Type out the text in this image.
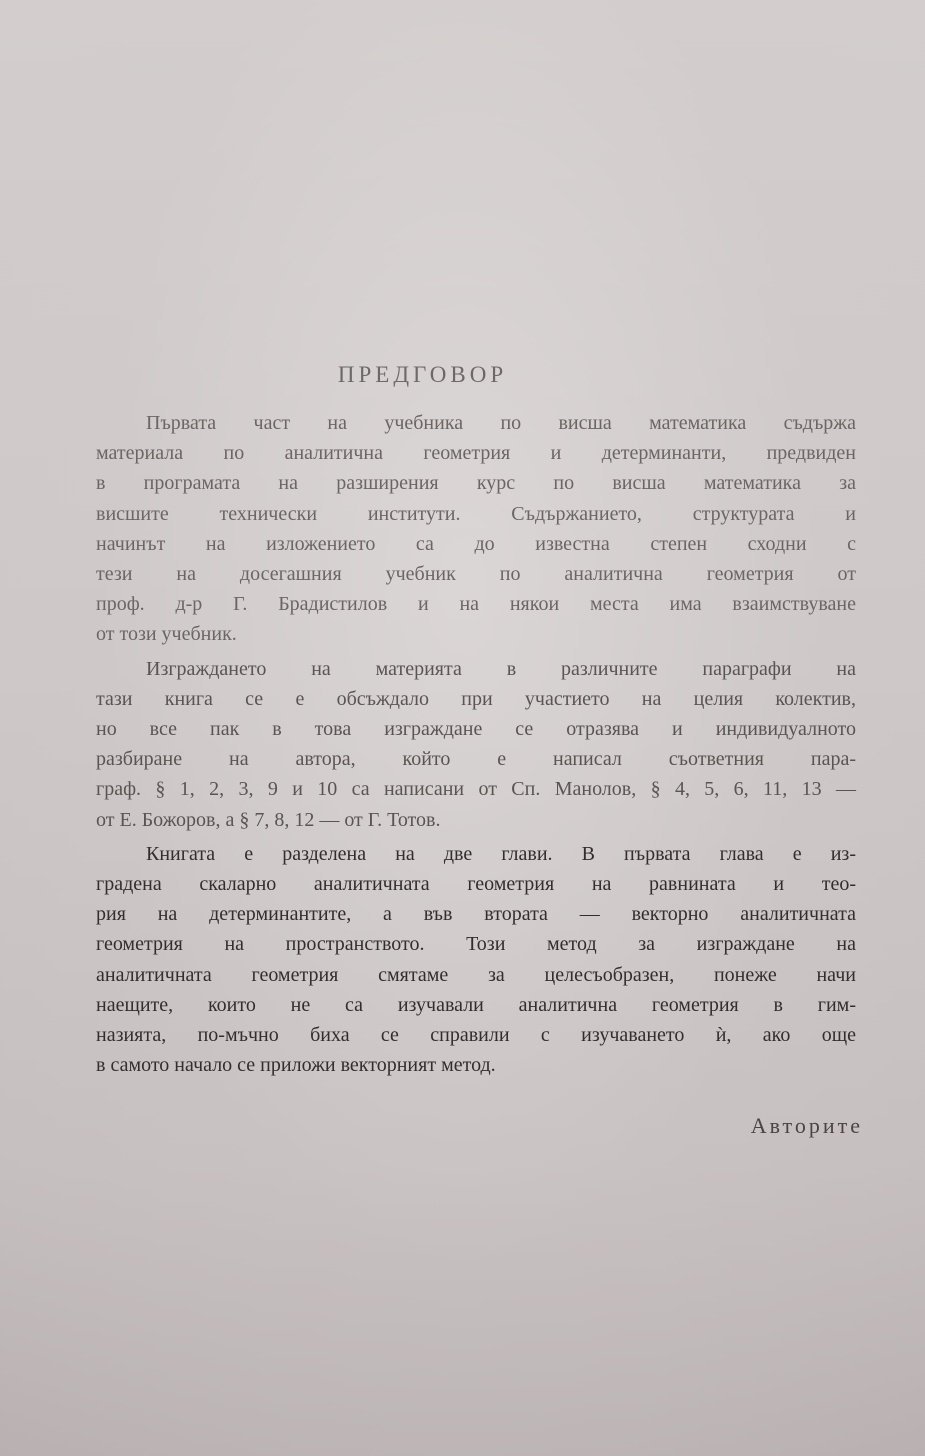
ПРЕДГОВОР
Първата част на учебника по висша математика съдържа
материала по аналитична геометрия и детерминанти, предвиден
в програмата на разширения курс по висша математика за
висшите технически институти. Съдържанието, структурата и
начинът на изложението са до известна степен сходни с
тези на досегашния учебник по аналитична геометрия от
проф. д-р Г. Брадистилов и на някои места има взаимствуване
от този учебник.
Изграждането на материята в различните параграфи на
тази книга се е обсъждало при участието на целия колектив,
но все пак в това изграждане се отразява и индивидуалното
разбиране на автора, който е написал съответния пара-
граф. § 1, 2, 3, 9 и 10 са написани от Сп. Манолов, § 4, 5, 6, 11, 13 —
от Е. Божоров, а § 7, 8, 12 — от Г. Тотов.
Книгата е разделена на две глави. В първата глава е из-
градена скаларно аналитичната геометрия на равнината и тео-
рия на детерминантите, а във втората — векторно аналитичната
геометрия на пространството. Този метод за изграждане на
аналитичната геометрия смятаме за целесъобразен, понеже начи
наещите, които не са изучавали аналитична геометрия в гим-
назията, по-мъчно биха се справили с изучаването ѝ, ако още
в самото начало се приложи векторният метод.
Авторите
